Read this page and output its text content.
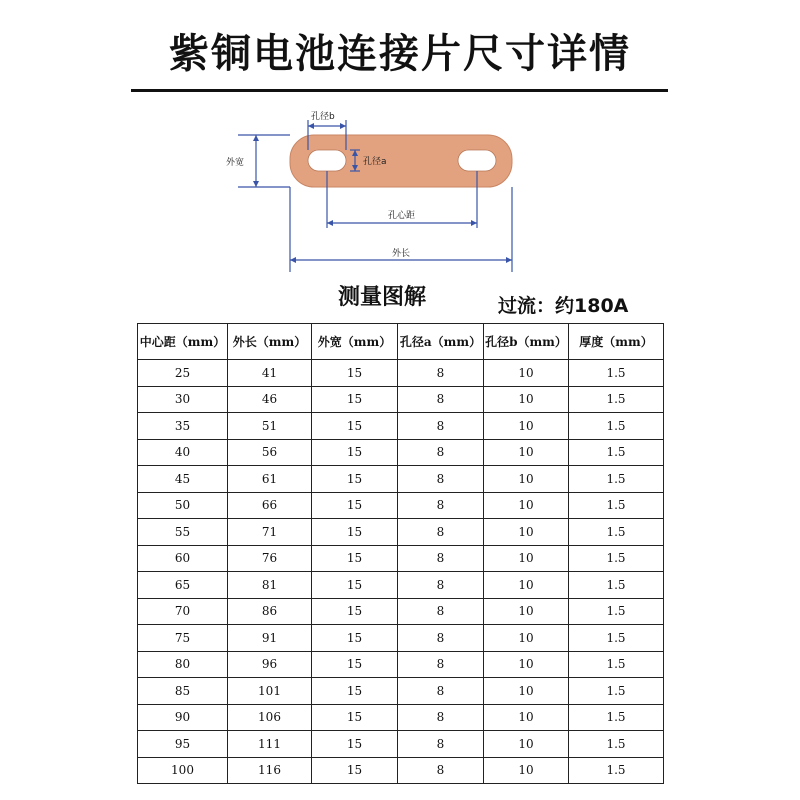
紫铜电池连接片尺寸详情
孔径b
孔径a
外宽
孔心距
外长
测量图解	过流：约180A
中心距（mm）	外长（mm）	外宽（mm）	孔径a（mm）	孔径b（mm）	厚度（mm）
25	41	15	8	10	1.5
30	46	15	8	10	1.5
35	51	15	8	10	1.5
40	56	15	8	10	1.5
45	61	15	8	10	1.5
50	66	15	8	10	1.5
55	71	15	8	10	1.5
60	76	15	8	10	1.5
65	81	15	8	10	1.5
70	86	15	8	10	1.5
75	91	15	8	10	1.5
80	96	15	8	10	1.5
85	101	15	8	10	1.5
90	106	15	8	10	1.5
95	111	15	8	10	1.5
100	116	15	8	10	1.5
